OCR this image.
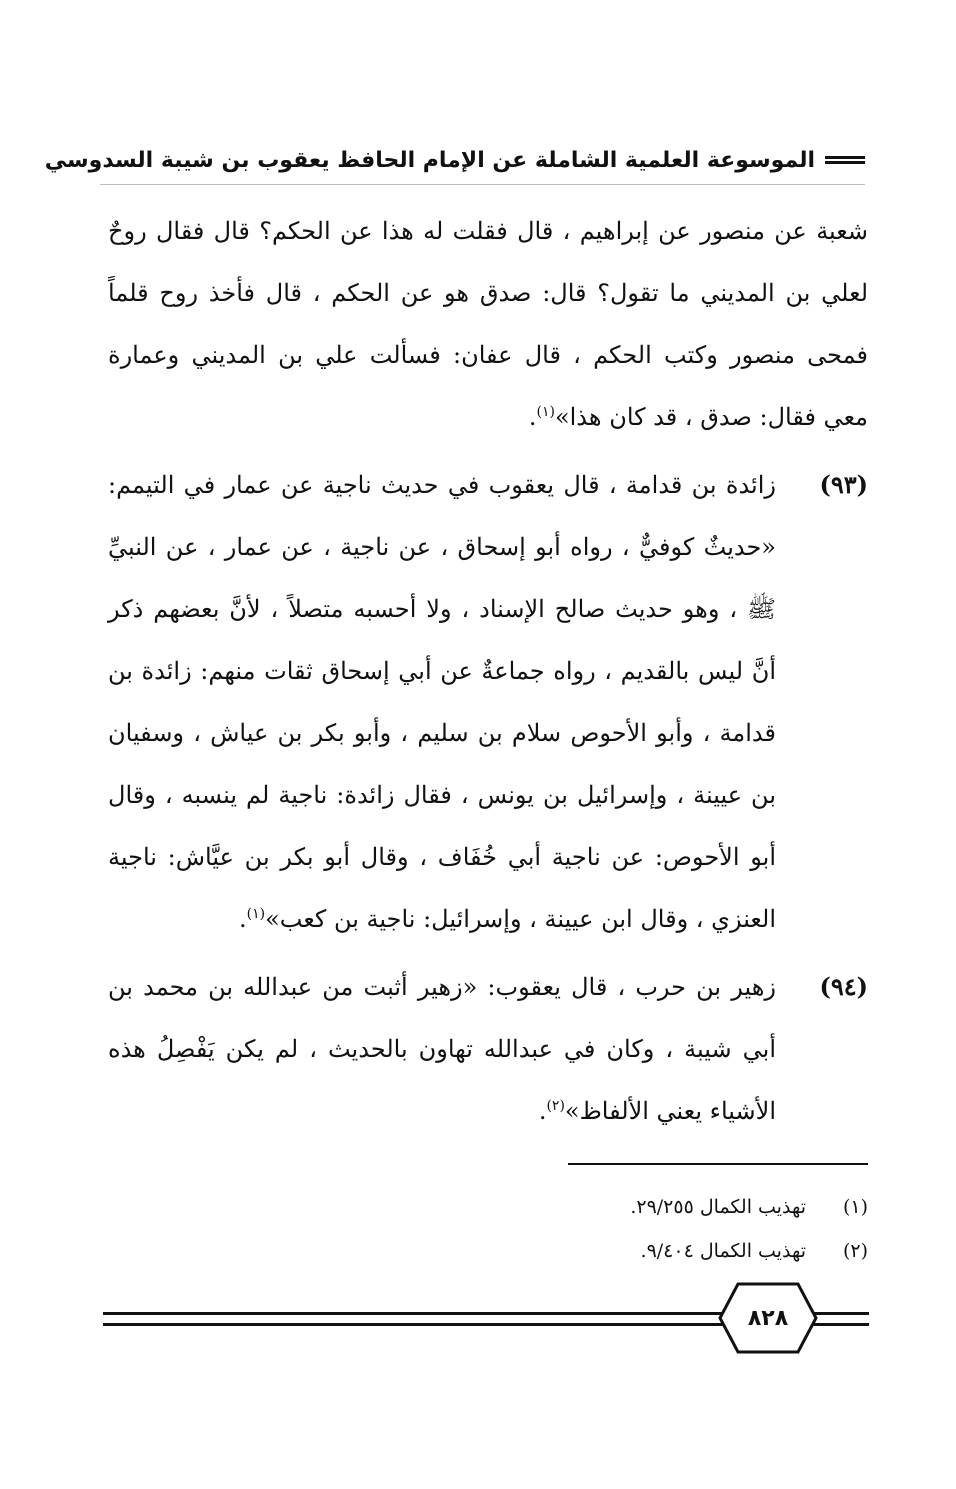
الموسوعة العلمية الشاملة عن الإمام الحافظ يعقوب بن شيبة السدوسي

شعبة عن منصور عن إبراهيم ، قال فقلت له هذا عن الحكم؟ قال فقال روحٌ لعلي بن المديني ما تقول؟ قال: صدق هو عن الحكم ، قال فأخذ روح قلماً فمحى منصور وكتب الحكم ، قال عفان: فسألت علي بن المديني وعمارة معي فقال: صدق ، قد كان هذا»$^{(١)}$.

(٩٣)
زائدة بن قدامة ، قال يعقوب في حديث ناجية عن عمار في التيمم: «حديثٌ كوفيٌّ ، رواه أبو إسحاق ، عن ناجية ، عن عمار ، عن النبيِّ ﷺ ، وهو حديث صالح الإسناد ، ولا أحسبه متصلاً ، لأنَّ بعضهم ذكر أنَّ ليس بالقديم ، رواه جماعةٌ عن أبي إسحاق ثقات منهم: زائدة بن قدامة ، وأبو الأحوص سلام بن سليم ، وأبو بكر بن عياش ، وسفيان بن عيينة ، وإسرائيل بن يونس ، فقال زائدة: ناجية لم ينسبه ، وقال أبو الأحوص: عن ناجية أبي خُفَاف ، وقال أبو بكر بن عيَّاش: ناجية العنزي ، وقال ابن عيينة ، وإسرائيل: ناجية بن كعب»$^{(١)}$.
(٩٤)
زهير بن حرب ، قال يعقوب: «زهير أثبت من عبدالله بن محمد بن أبي شيبة ، وكان في عبدالله تهاون بالحديث ، لم يكن يَفْصِلُ هذه الأشياء يعني الألفاظ»$^{(٢)}$.
(١)
تهذيب الكمال ٢٩/٢٥٥.
(٢)
تهذيب الكمال ٩/٤٠٤.
٨٢٨
